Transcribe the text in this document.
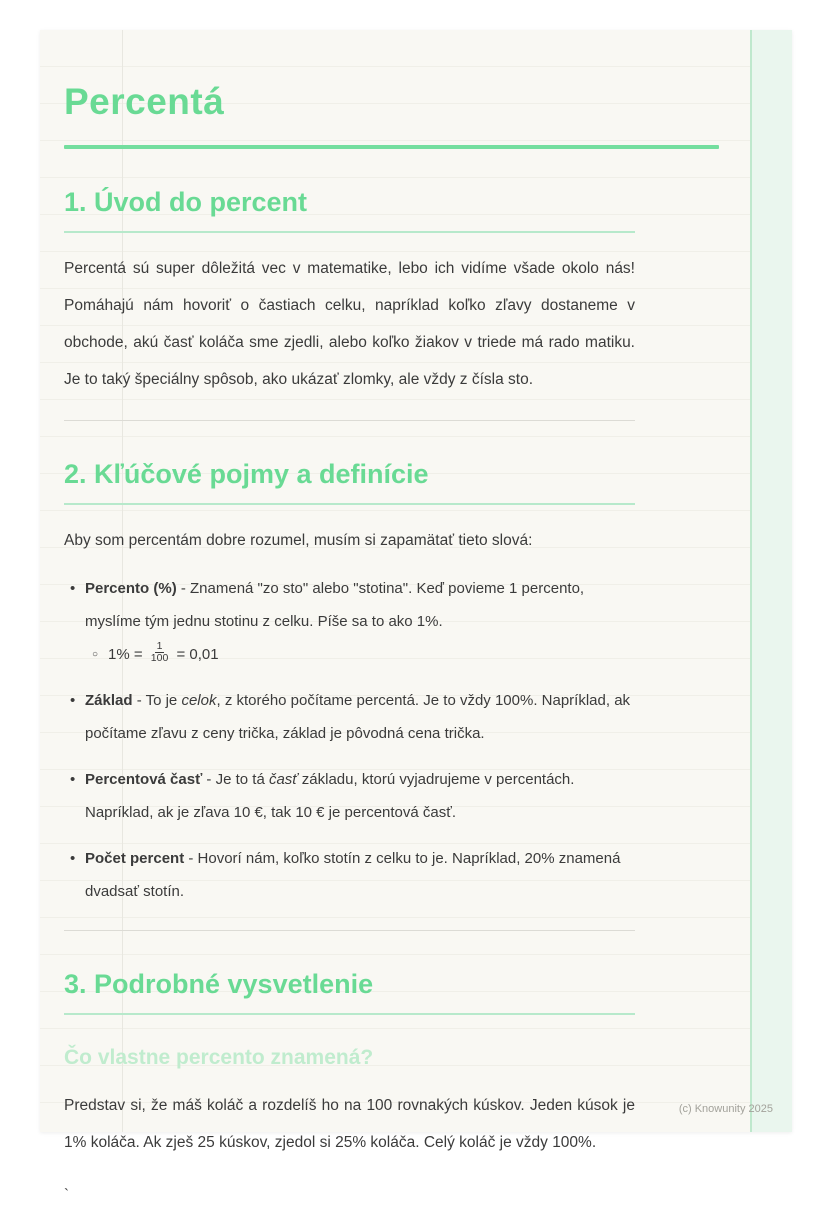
Percentá
1. Úvod do percent

Percentá sú super dôležitá vec v matematike, lebo ich vidíme všade okolo nás! Pomáhajú nám hovoriť o častiach celku, napríklad koľko zľavy dostaneme v obchode, akú časť koláča sme zjedli, alebo koľko žiakov v triede má rado matiku. Je to taký špeciálny spôsob, ako ukázať zlomky, ale vždy z čísla sto.

2. Kľúčové pojmy a definície

Aby som percentám dobre rozumel, musím si zapamätať tieto slová:

• Percento (%) - Znamená "zo sto" alebo "stotina". Keď povieme 1 percento, myslíme tým jednu stotinu z celku. Píše sa to ako 1%.
○ $1\% = \frac{1}{100} = 0,01$
• Základ - To je celok, z ktorého počítame percentá. Je to vždy 100%. Napríklad, ak počítame zľavu z ceny trička, základ je pôvodná cena trička.
• Percentová časť - Je to tá časť základu, ktorú vyjadrujeme v percentách. Napríklad, ak je zľava 10 €, tak 10 € je percentová časť.
• Počet percent - Hovorí nám, koľko stotín z celku to je. Napríklad, 20% znamená dvadsať stotín.
3. Podrobné vysvetlenie
Čo vlastne percento znamená?

Predstav si, že máš koláč a rozdelíš ho na 100 rovnakých kúskov. Jeden kúsok je 1% koláča. Ak zješ 25 kúskov, zjedol si 25% koláča. Celý koláč je vždy 100%.

`

(c) Knowunity 2025
